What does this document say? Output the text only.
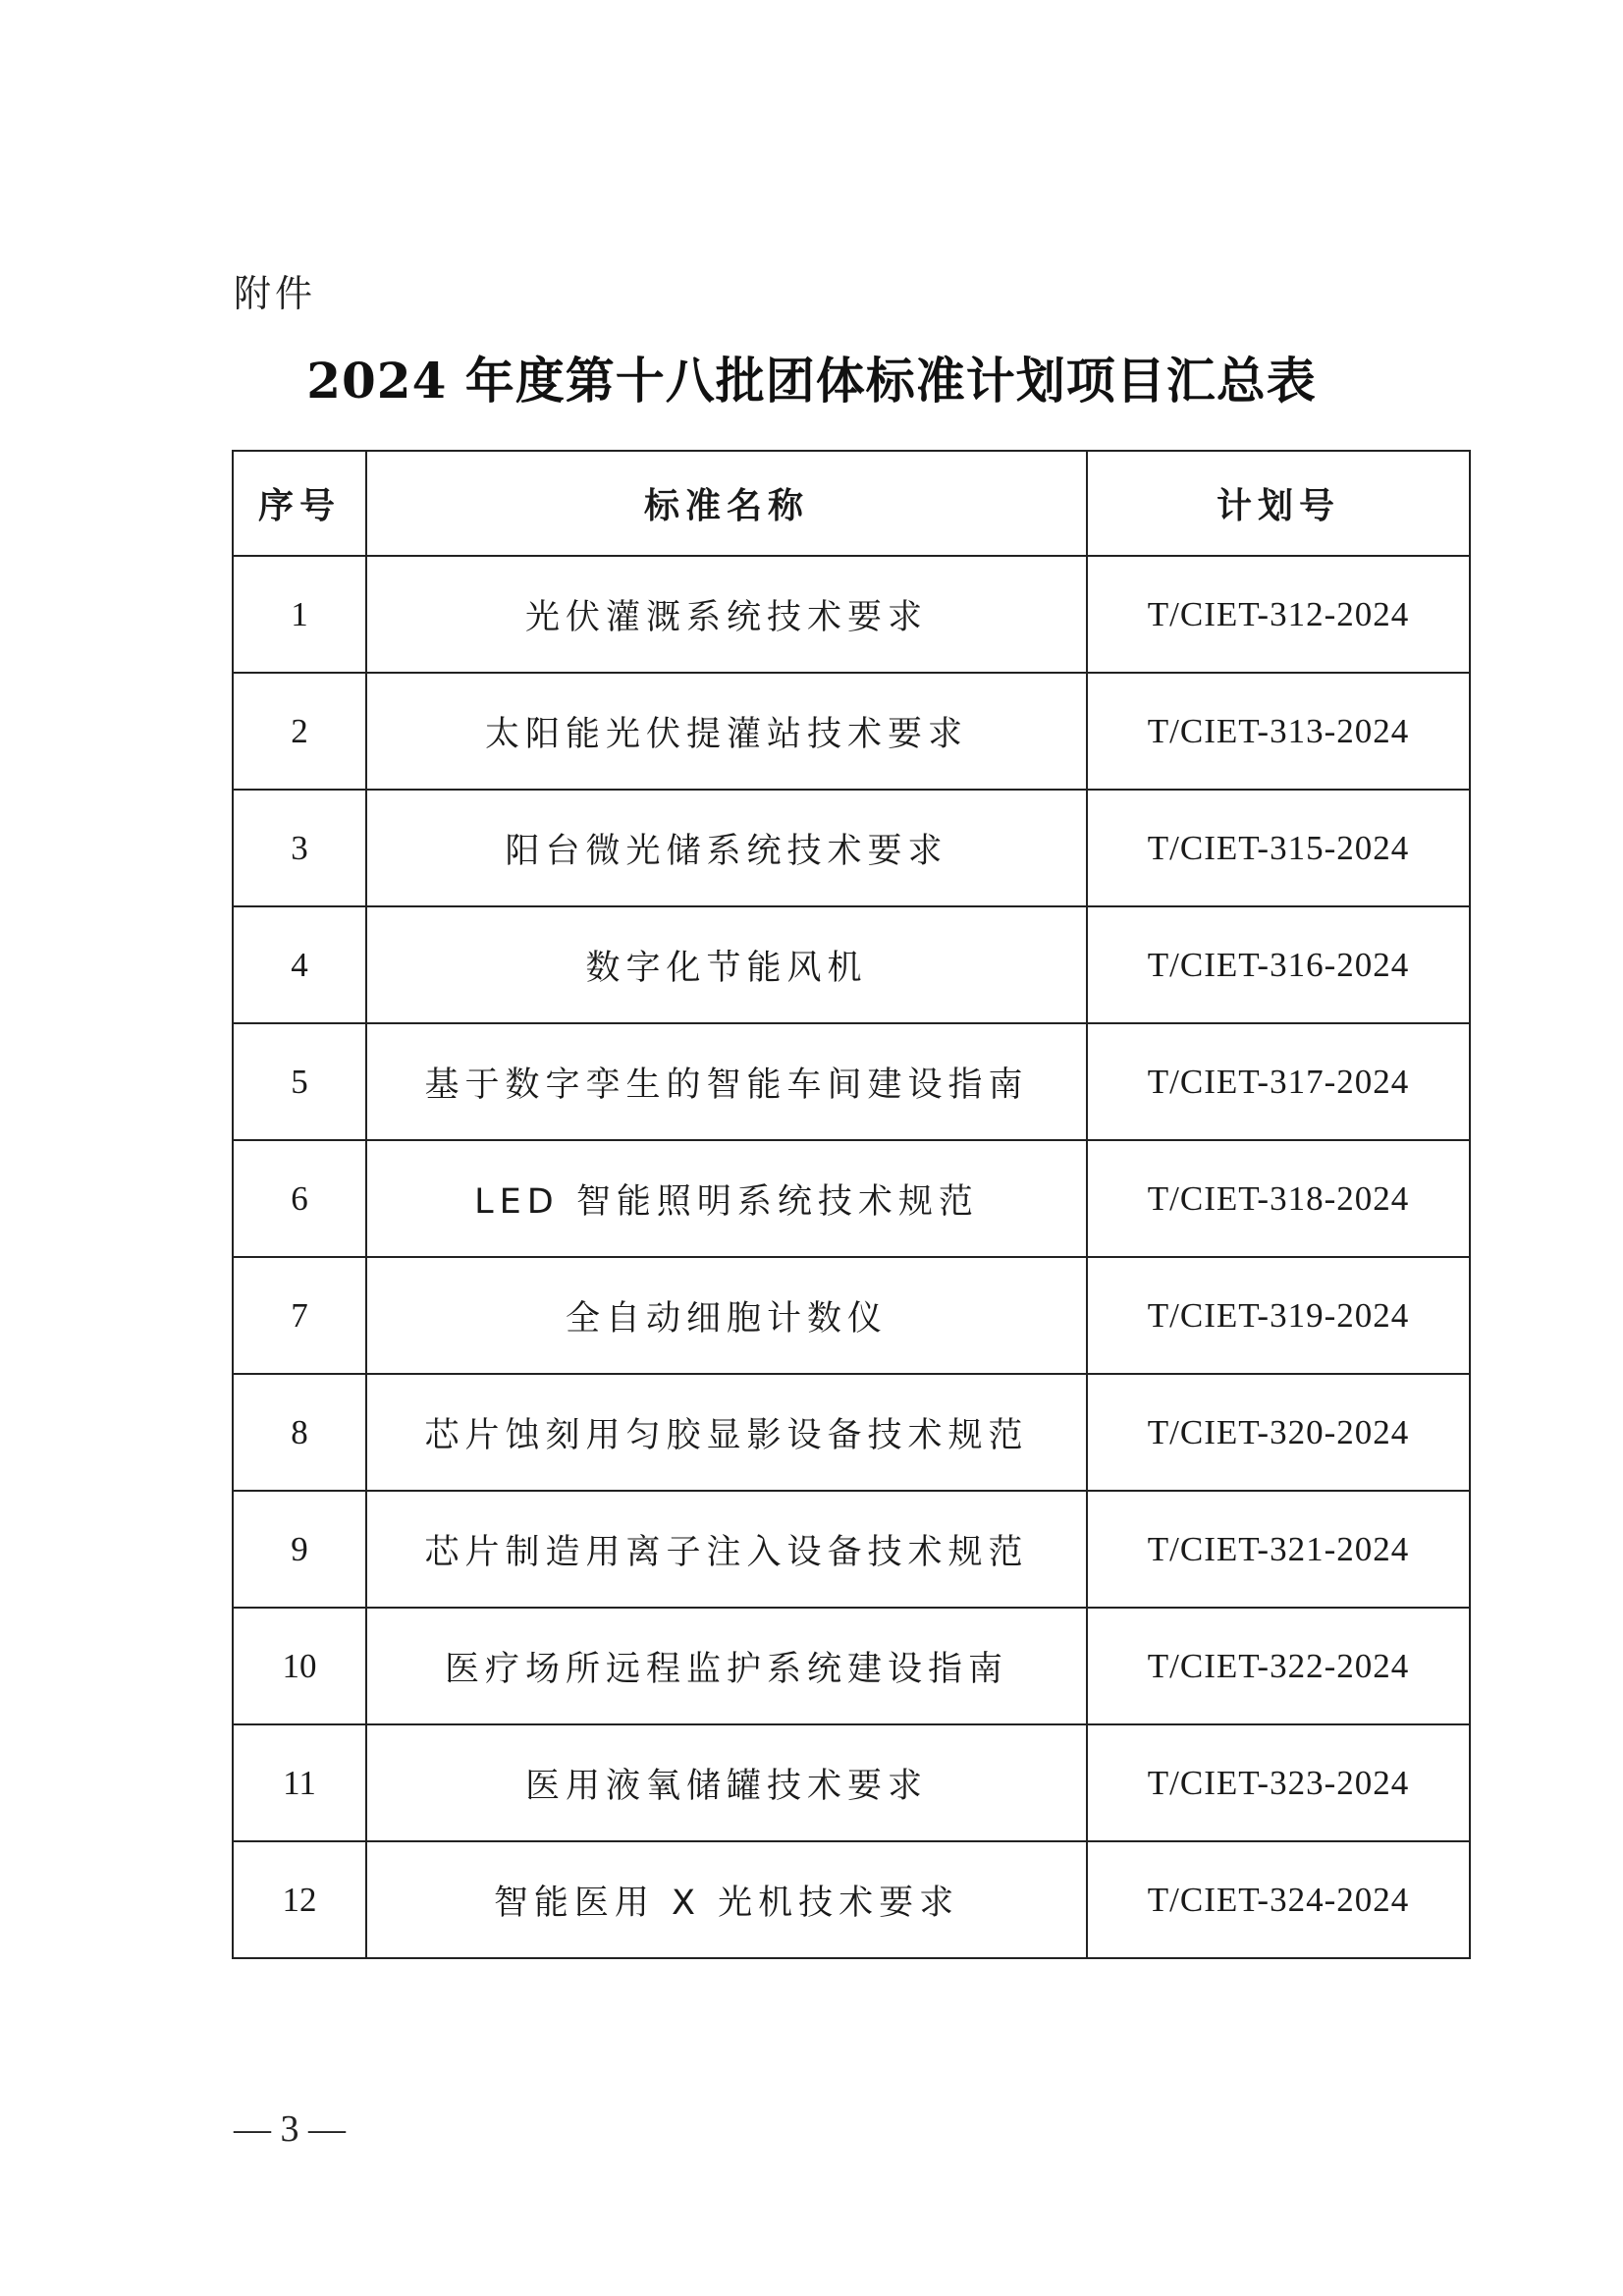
附件
2024 年度第十八批团体标准计划项目汇总表
序号	标准名称	计划号
1	光伏灌溉系统技术要求	T/CIET-312-2024
2	太阳能光伏提灌站技术要求	T/CIET-313-2024
3	阳台微光储系统技术要求	T/CIET-315-2024
4	数字化节能风机	T/CIET-316-2024
5	基于数字孪生的智能车间建设指南	T/CIET-317-2024
6	LED 智能照明系统技术规范	T/CIET-318-2024
7	全自动细胞计数仪	T/CIET-319-2024
8	芯片蚀刻用匀胶显影设备技术规范	T/CIET-320-2024
9	芯片制造用离子注入设备技术规范	T/CIET-321-2024
10	医疗场所远程监护系统建设指南	T/CIET-322-2024
11	医用液氧储罐技术要求	T/CIET-323-2024
12	智能医用 X 光机技术要求	T/CIET-324-2024
— 3 —
